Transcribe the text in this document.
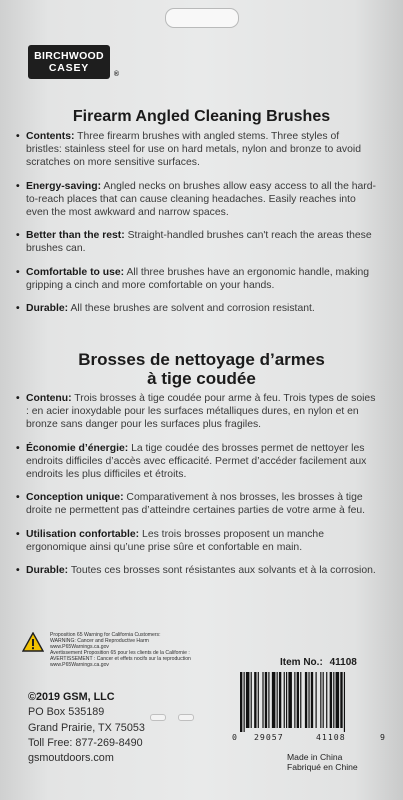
BIRCHWOOD
CASEY
®
Firearm Angled Cleaning Brushes
• Contents: Three firearm brushes with angled stems. Three styles of bristles: stainless steel for use on hard metals, nylon and bronze to avoid scratches on more sensitive surfaces.
• Energy-saving: Angled necks on brushes allow easy access to all the hard-to-reach places that can cause cleaning headaches. Easily reaches into even the most awkward and narrow spaces.
• Better than the rest: Straight-handled brushes can't reach the areas these brushes can.
• Comfortable to use: All three brushes have an ergonomic handle, making gripping a cinch and more comfortable on your hands.
• Durable: All these brushes are solvent and corrosion resistant.
Brosses de nettoyage d’armes
à tige coudée
• Contenu: Trois brosses à tige coudée pour arme à feu. Trois types de soies : en acier inoxydable pour les surfaces métalliques dures, en nylon et en bronze sans danger pour les surfaces plus fragiles.
• Économie d’énergie: La tige coudée des brosses permet de nettoyer les endroits difficiles d’accès avec efficacité. Permet d’accéder facilement aux endroits les plus difficiles et étroits.
• Conception unique: Comparativement à nos brosses, les brosses à tige droite ne permettent pas d’atteindre certaines parties de votre arme à feu.
• Utilisation confortable: Les trois brosses proposent un manche ergonomique ainsi qu’une prise sûre et confortable en main.
• Durable: Toutes ces brosses sont résistantes aux solvants et à la corrosion.
Proposition 65 Warning for California Customers:
WARNING: Cancer and Reproductive Harm
www.P65Warnings.ca.gov
Avertissement Proposition 65 pour les clients de la Californie :
AVERTISSEMENT : Cancer et effets nocifs sur la reproduction
www.P65Warnings.ca.gov	Item No.: 41108
©2019 GSM, LLC
PO Box 535189
Grand Prairie, TX 75053
Toll Free: 877-269-8490
gsmoutdoors.com
0 29057	41108	9
Made in China
Fabriqué en Chine
